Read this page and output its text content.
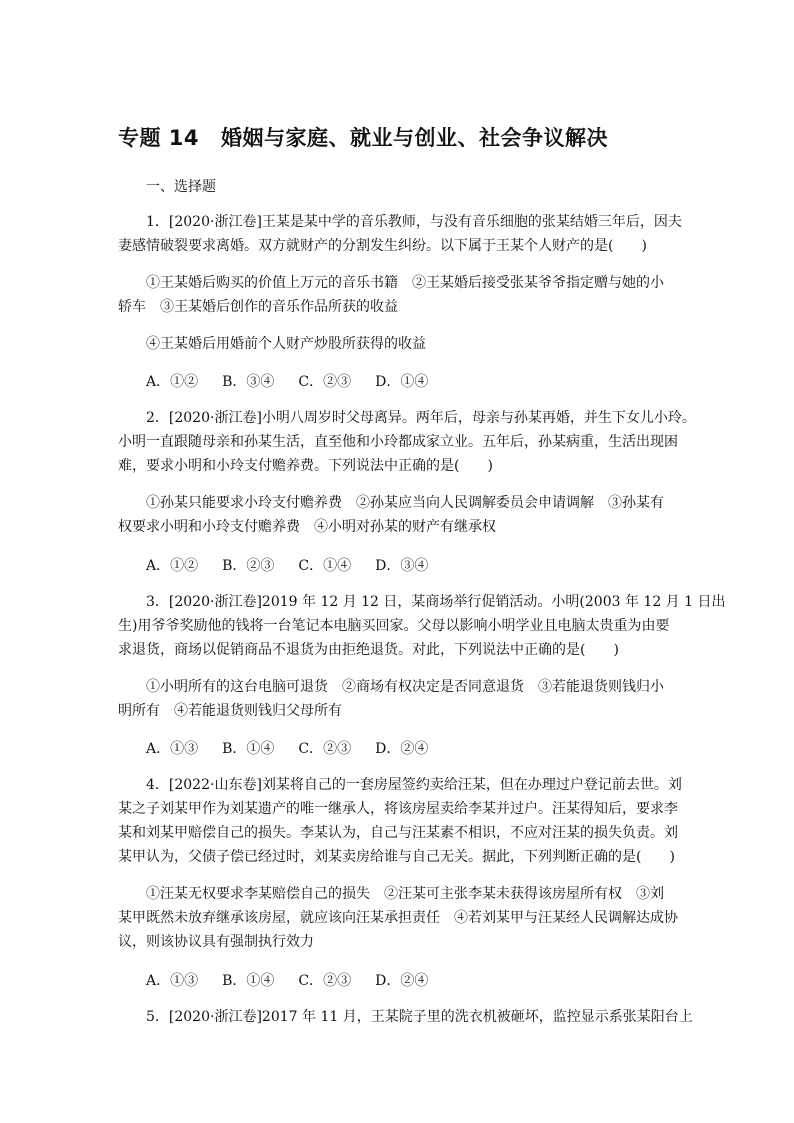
专题 14 婚姻与家庭、就业与创业、社会争议解决
一、选择题
1．[2020·浙江卷]王某是某中学的音乐教师，与没有音乐细胞的张某结婚三年后，因夫
妻感情破裂要求离婚。双方就财产的分割发生纠纷。以下属于王某个人财产的是(　　)
①王某婚后购买的价值上万元的音乐书籍　②王某婚后接受张某爷爷指定赠与她的小
轿车　③王某婚后创作的音乐作品所获的收益
④王某婚后用婚前个人财产炒股所获得的收益
A．①② B．③④ C．②③ D．①④
2．[2020·浙江卷]小明八周岁时父母离异。两年后，母亲与孙某再婚，并生下女儿小玲。
小明一直跟随母亲和孙某生活，直至他和小玲都成家立业。五年后，孙某病重，生活出现困
难，要求小明和小玲支付赡养费。下列说法中正确的是(　　)
①孙某只能要求小玲支付赡养费　②孙某应当向人民调解委员会申请调解　③孙某有
权要求小明和小玲支付赡养费　④小明对孙某的财产有继承权
A．①② B．②③ C．①④ D．③④
3．[2020·浙江卷]2019 年 12 月 12 日，某商场举行促销活动。小明(2003 年 12 月 1 日出
生)用爷爷奖励他的钱将一台笔记本电脑买回家。父母以影响小明学业且电脑太贵重为由要
求退货，商场以促销商品不退货为由拒绝退货。对此，下列说法中正确的是(　　)
①小明所有的这台电脑可退货　②商场有权决定是否同意退货　③若能退货则钱归小
明所有　④若能退货则钱归父母所有
A．①③ B．①④ C．②③ D．②④
4．[2022·山东卷]刘某将自己的一套房屋签约卖给汪某，但在办理过户登记前去世。刘
某之子刘某甲作为刘某遗产的唯一继承人，将该房屋卖给李某并过户。汪某得知后，要求李
某和刘某甲赔偿自己的损失。李某认为，自己与汪某素不相识，不应对汪某的损失负责。刘
某甲认为，父债子偿已经过时，刘某卖房给谁与自己无关。据此，下列判断正确的是(　　)
①汪某无权要求李某赔偿自己的损失　②汪某可主张李某未获得该房屋所有权　③刘
某甲既然未放弃继承该房屋，就应该向汪某承担责任　④若刘某甲与汪某经人民调解达成协
议，则该协议具有强制执行效力
A．①③ B．①④ C．②③ D．②④
5．[2020·浙江卷]2017 年 11 月，王某院子里的洗衣机被砸坏，监控显示系张某阳台上
